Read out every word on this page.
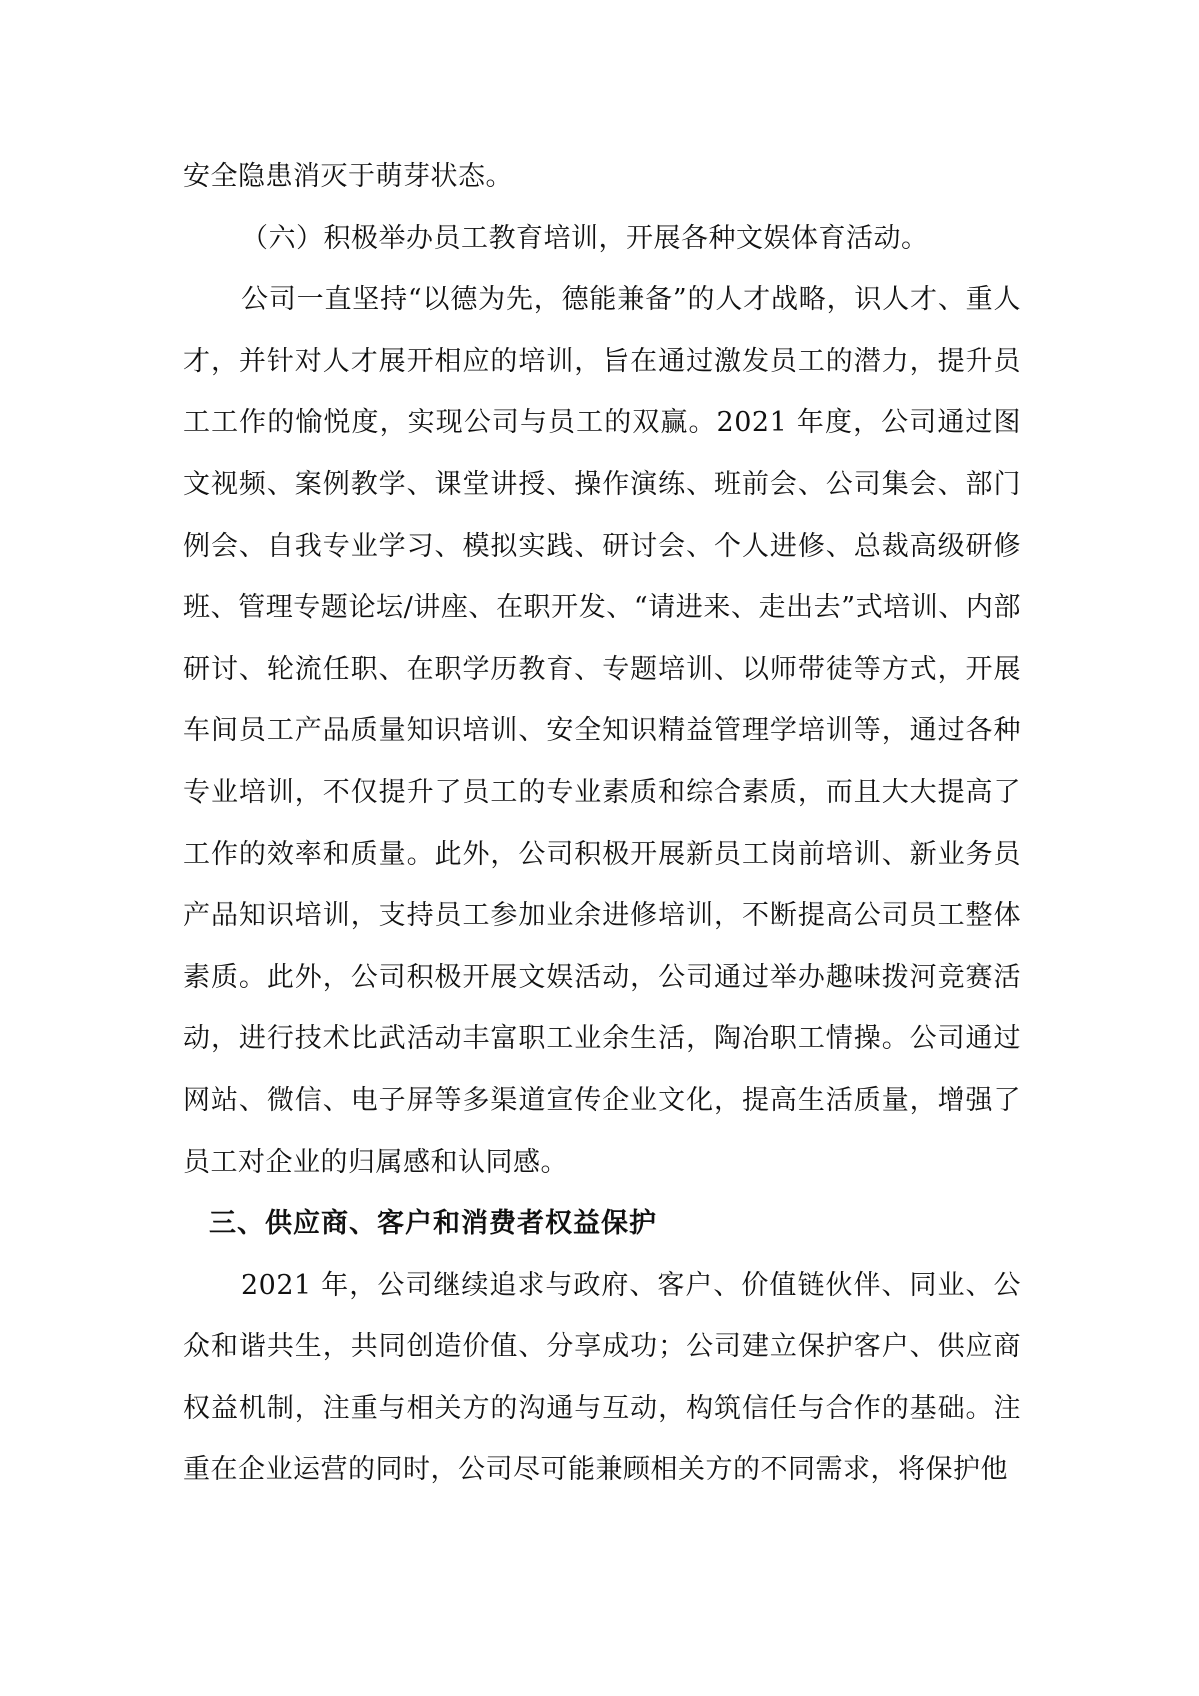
安全隐患消灭于萌芽状态。

（六）积极举办员工教育培训，开展各种文娱体育活动。

公司一直坚持“以德为先，德能兼备”的人才战略，识人才、重人才，并针对人才展开相应的培训，旨在通过激发员工的潜力，提升员工工作的愉悦度，实现公司与员工的双赢。2021 年度，公司通过图文视频、案例教学、课堂讲授、操作演练、班前会、公司集会、部门例会、自我专业学习、模拟实践、研讨会、个人进修、总裁高级研修班、管理专题论坛/讲座、在职开发、“请进来、走出去”式培训、内部研讨、轮流任职、在职学历教育、专题培训、以师带徒等方式，开展车间员工产品质量知识培训、安全知识精益管理学培训等，通过各种专业培训，不仅提升了员工的专业素质和综合素质，而且大大提高了工作的效率和质量。此外，公司积极开展新员工岗前培训、新业务员产品知识培训，支持员工参加业余进修培训，不断提高公司员工整体素质。此外，公司积极开展文娱活动，公司通过举办趣味拨河竞赛活动，进行技术比武活动丰富职工业余生活，陶冶职工情操。公司通过网站、微信、电子屏等多渠道宣传企业文化，提高生活质量，增强了员工对企业的归属感和认同感。

三、供应商、客户和消费者权益保护

2021 年，公司继续追求与政府、客户、价值链伙伴、同业、公众和谐共生，共同创造价值、分享成功；公司建立保护客户、供应商权益机制，注重与相关方的沟通与互动，构筑信任与合作的基础。注重在企业运营的同时，公司尽可能兼顾相关方的不同需求，将保护他
